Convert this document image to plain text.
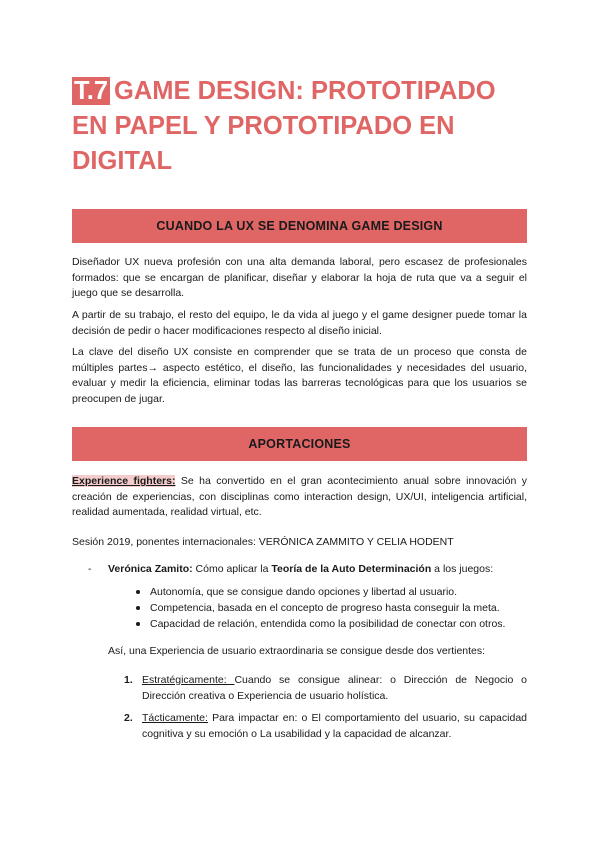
T.7 GAME DESIGN: PROTOTIPADO EN PAPEL Y PROTOTIPADO EN DIGITAL
CUANDO LA UX SE DENOMINA GAME DESIGN

Diseñador UX nueva profesión con una alta demanda laboral, pero escasez de profesionales formados: que se encargan de planificar, diseñar y elaborar la hoja de ruta que va a seguir el juego que se desarrolla.

A partir de su trabajo, el resto del equipo, le da vida al juego y el game designer puede tomar la decisión de pedir o hacer modificaciones respecto al diseño inicial.

La clave del diseño UX consiste en comprender que se trata de un proceso que consta de múltiples partes→ aspecto estético, el diseño, las funcionalidades y necesidades del usuario, evaluar y medir la eficiencia, eliminar todas las barreras tecnológicas para que los usuarios se preocupen de jugar.

APORTACIONES

Experience fighters: Se ha convertido en el gran acontecimiento anual sobre innovación y creación de experiencias, con disciplinas como interaction design, UX/UI, inteligencia artificial, realidad aumentada, realidad virtual, etc.

Sesión 2019, ponentes internacionales: VERÓNICA ZAMMITO Y CELIA HODENT

- Verónica Zamito: Cómo aplicar la Teoría de la Auto Determinación a los juegos:
Autonomía, que se consigue dando opciones y libertad al usuario.
Competencia, basada en el concepto de progreso hasta conseguir la meta.
Capacidad de relación, entendida como la posibilidad de conectar con otros.

Así, una Experiencia de usuario extraordinaria se consigue desde dos vertientes:

1. Estratégicamente: Cuando se consigue alinear: o Dirección de Negocio o Dirección creativa o Experiencia de usuario holística.
2. Tácticamente: Para impactar en: o El comportamiento del usuario, su capacidad cognitiva y su emoción o La usabilidad y la capacidad de alcanzar.
